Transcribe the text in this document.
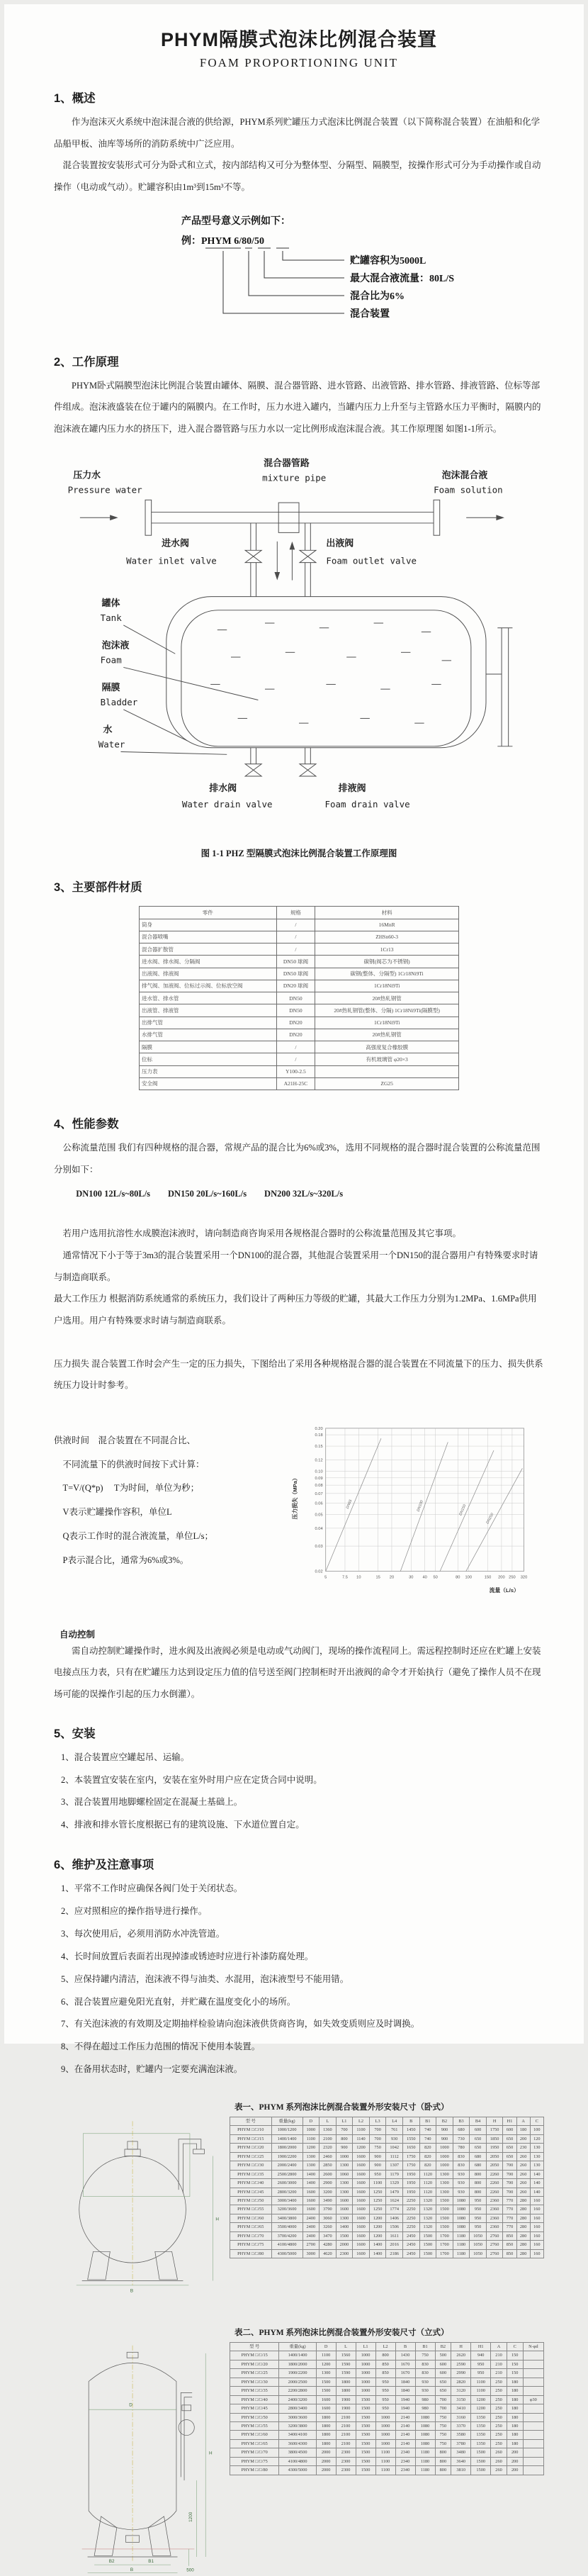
PHYM隔膜式泡沫比例混合装置
FOAM PROPORTIONING UNIT
1、概述

作为泡沫灭火系统中泡沫混合液的供给源，PHYM系列贮罐压力式泡沫比例混合装置（以下简称混合装置）在油船和化学品船甲板、油库等场所的消防系统中广泛应用。

混合装置按安装形式可分为卧式和立式，按内部结构又可分为整体型、分隔型、隔膜型，按操作形式可分为手动操作或自动操作（电动或气动）。贮罐容积由1m³到15m³不等。

产品型号意义示例如下：
例：PHYM 6/80/50
贮罐容积为5000L
最大混合液流量：80L/S
混合比为6%
混合装置
2、工作原理

PHYM卧式隔膜型泡沫比例混合装置由罐体、隔膜、混合器管路、进水管路、出液管路、排水管路、排液管路、位标等部件组成。泡沫液盛装在位于罐内的隔膜内。在工作时，压力水进入罐内，当罐内压力上升至与主管路水压力平衡时，隔膜内的泡沫液在罐内压力水的挤压下，进入混合器管路与压力水以一定比例形成泡沫混合液。其工作原理图 如图1-1所示。

压力水
Pressure water
混合器管路
mixture pipe	泡沫混合液
Foam solution
进水阀
Water inlet valve
出液阀
Foam outlet valve
罐体
Tank
泡沫液
Foam
隔膜
Bladder
水
Water
排水阀
Water drain valve
排液阀
Foam drain valve
图 1-1 PHZ 型隔膜式泡沫比例混合装置工作原理图
3、主要部件材质
零件	规格	材料
筒身	/	16MnR
混合器喷嘴	/	ZHSn60-3
混合器扩散管	/	1Cr13
进水阀、排水阀、分隔阀	DN50 球阀	碳钢(阀芯为不锈钢)
出液阀、排液阀	DN50 球阀	碳钢(整体、分隔型) 1Cr18Ni9Ti
排气阀、加液阀、位标过示阀、位标放空阀	DN20 球阀	1Cr18Ni9Ti
进水管、排水管	DN50	20#热轧钢管
出液管、排液管	DN50	20#热轧钢管(整体、分隔) 1Cr18Ni9Ti(隔膜型)
出排气管	DN20	1Cr18Ni9Ti
水排气管	DN20	20#热轧钢管
隔膜	/	高强度复合橡胶膜
位标	/	有机玻璃管 φ20×3
压力表	Y100-2.5	
安全阀	A21H-25C	ZG25
4、性能参数

公称流量范围 我们有四种规格的混合器，常规产品的混合比为6%或3%，选用不同规格的混合器时混合装置的公称流量范围分别如下：

DN100 12L/s~80L/s　　DN150 20L/s~160L/s　　DN200 32L/s~320L/s

若用户选用抗溶性水成膜泡沫液时，请向制造商咨询采用各规格混合器时的公称流量范围及其它事项。

通常情况下小于等于3m3的混合装置采用一个DN100的混合器，其他混合装置采用一个DN150的混合器用户有特殊要求时请与制造商联系。

最大工作压力 根据消防系统通常的系统压力，我们设计了两种压力等级的贮罐，其最大工作压力分别为1.2MPa、1.6MPa供用户选用。用户有特殊要求时请与制造商联系。

压力损失 混合装置工作时会产生一定的压力损失，下图给出了采用各种规格混合器的混合装置在不同流量下的压力、损失供系统压力设计时参考。

供液时间　混合装置在不同混合比、

不同流量下的供液时间按下式计算：

T=V/(Q*p)　 T为时间，单位为秒；

V表示贮罐操作容积，单位L

Q表示工作时的混合液流量，单位L/s；

P表示混合比，通常为6%或3%。

5	7.5 10	15 20	30 40 50	80 100	150 200 250 320
0.02
0.03
0.04
0.05
0.06
0.07
0.08
0.09
0.10
0.12
0.15
0.18
0.20
DN65	DN100	DN150
DN200
流量（L/s）
压力损失（MPa）
自动控制

需自动控制贮罐操作时，进水阀及出液阀必须是电动或气动阀门，现场的操作流程同上。需远程控制时还应在贮罐上安装电接点压力表，只有在贮罐压力达到设定压力值的信号送至阀门控制柜时开出液阀的命令才开始执行（避免了操作人员不在现场可能的误操作引起的压力水倒灌）。

5、安装
1、混合装置应空罐起吊、运输。
2、本装置宜安装在室内，安装在室外时用户应在定货合同中说明。
3、混合装置用地脚螺栓固定在混凝土基础上。
4、排液和排水管长度根据已有的建筑设施、下水道位置自定。
6、维护及注意事项
1、平常不工作时应确保各阀门处于关闭状态。
2、应对照相应的操作指导进行操作。
3、每次使用后，必须用消防水冲洗管道。
4、长时间放置后表面若出现掉漆或锈迹时应进行补漆防腐处理。
5、应保持罐内清洁，泡沫液不得与油类、水混用，泡沫液型号不能用错。
6、混合装置应避免阳光直射，并贮藏在温度变化小的场所。
7、有关泡沫液的有效期及定期抽样检验请向泡沫液供货商咨询，如失效变质则应及时调换。
8、不得在超过工作压力范围的情况下使用本装置。
9、在备用状态时，贮罐内一定要充满泡沫液。
表一、PHYM 系列泡沫比例混合装置外形安装尺寸（卧式）
B
H
型 号	重量(kg)	D	L	L1	L2	L3	L4	B	B1	B2	B3	B4	H	H1	A	C
PHYM □/□/10	1000/1200	1000	1360	700	1100	700	761	1450	740	900	680	600	1750	600	180	100
PHYM □/□/15	1400/1400	1100	2100	800	1140	700	930	1550	740	900	730	650	1850	650	200	120
PHYM □/□/20	1800/2000	1200	2320	900	1200	750	1042	1650	820	1000	780	650	1950	650	230	130
PHYM □/□/25	1900/2200	1300	2460	1000	1600	900	1112	1750	820	1000	830	680	2050	650	260	130
PHYM □/□/30	2000/2400	1300	2850	1300	1600	900	1307	1750	820	1000	830	680	2050	700	260	130
PHYM □/□/35	2500/2800	1400	2600	1060	1600	950	1179	1950	1120	1300	930	800	2260	700	260	140
PHYM □/□/40	2600/3000	1400	2900	1300	1600	1100	1329	1950	1120	1300	930	800	2260	700	260	140
PHYM □/□/45	2800/3200	1600	3200	1300	1600	1250	1479	1950	1120	1300	930	800	2260	700	260	140
PHYM □/□/50	3000/3400	1600	3490	1600	1600	1250	1624	2250	1320	1500	1080	950	2360	770	280	160
PHYM □/□/55	3200/3600	1600	3790	1600	1600	1250	1774	2250	1320	1500	1080	950	2360	770	280	160
PHYM □/□/60	3400/3800	2400	3060	1300	1600	1200	1406	2250	1320	1500	1080	950	2360	770	280	160
PHYM □/□/65	3500/4000	2400	3260	1400	1600	1200	1506	2250	1320	1500	1080	950	2360	770	280	160
PHYM □/□/70	3700/4200	2400	3470	1500	1600	1200	1611	2450	1500	1700	1180	1050	2760	850	280	160
PHYM □/□/75	4100/4800	2700	4280	2000	1600	1400	2016	2450	1500	1700	1180	1050	2760	850	280	160
PHYM □/□/80	4300/5000	3000	4620	2300	1600	1400	2186	2450	1500	1700	1180	1050	2760	850	280	160
表二、PHYM 系列泡沫比例混合装置外形安装尺寸（立式）
D
H
1200
500
B2	B1
B
型 号	重量(kg)	D	L	L1	L2	B	B1	B2	H	H1	A	C	N-φd
PHYM □/□/15	1400/1400	1100	1560	1000	800	1430	750	500	2620	940	210	150	
PHYM □/□/20	1800/2000	1200	1590	1000	850	1670	830	600	2590	950	210	150	
PHYM □/□/25	1900/2200	1300	1590	1000	850	1670	830	600	2990	950	210	150	
PHYM □/□/30	2000/2500	1500	1800	1000	950	1840	930	650	2820	1100	250	180	
PHYM □/□/35	2200/2800	1500	1800	1000	950	1840	930	650	3120	1100	250	180	
PHYM □/□/40	2400/3200	1600	1900	1500	950	1940	980	700	3150	1200	250	180	φ30
PHYM □/□/45	2800/3400	1600	1900	1500	950	1940	980	700	3410	1200	250	180	
PHYM □/□/50	3000/3600	1800	2100	1500	1000	2140	1080	750	3160	1350	250	180	
PHYM □/□/55	3200/3800	1800	2100	1500	1000	2140	1080	750	3370	1350	250	180	
PHYM □/□/60	3400/4100	1800	2100	1500	1000	2140	1080	750	3580	1350	250	180	
PHYM □/□/65	3600/4300	1800	2100	1500	1000	2140	1080	750	3780	1350	250	180	
PHYM □/□/70	3800/4500	2000	2300	1500	1100	2340	1180	800	3480	1500	260	200	
PHYM □/□/75	4100/4800	2000	2300	1500	1100	2340	1180	800	3640	1500	260	200	
PHYM □/□/80	4300/5000	2000	2300	1500	1100	2340	1180	800	3810	1500	260	200	
